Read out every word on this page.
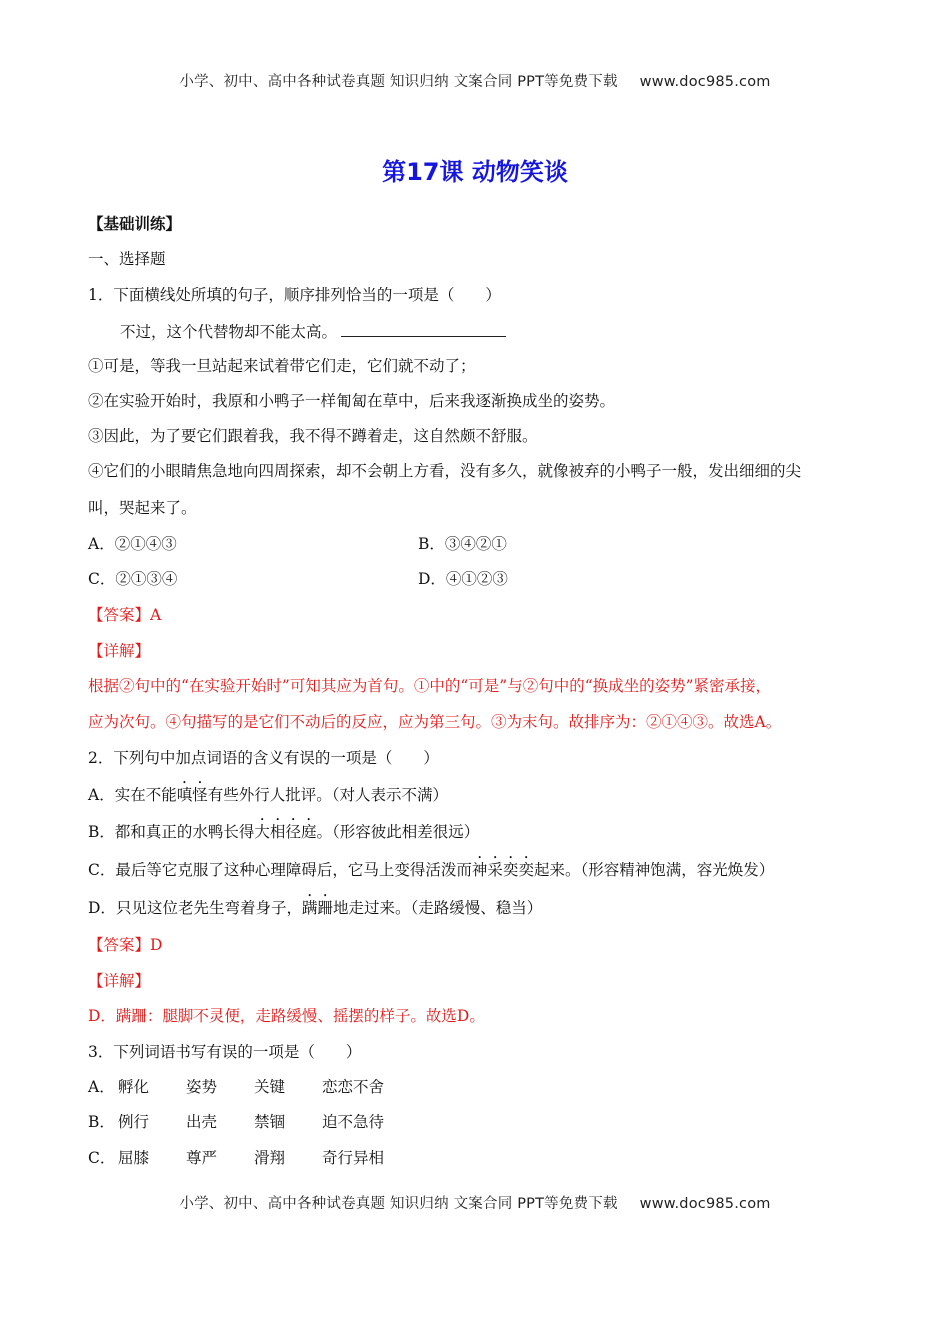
小学、初中、高中各种试卷真题 知识归纳 文案合同 PPT等免费下载 www.doc985.com
第17课 动物笑谈
【基础训练】
一、选择题
1．下面横线处所填的句子，顺序排列恰当的一项是（　　）
不过，这个代替物却不能太高。
①可是，等我一旦站起来试着带它们走，它们就不动了；
②在实验开始时，我原和小鸭子一样匍匐在草中，后来我逐渐换成坐的姿势。
③因此，为了要它们跟着我，我不得不蹲着走，这自然颇不舒服。
④它们的小眼睛焦急地向四周探索，却不会朝上方看，没有多久，就像被弃的小鸭子一般，发出细细的尖
叫，哭起来了。
A．②①④③	B．③④②①
C．②①③④	D．④①②③
【答案】A
【详解】
根据②句中的“在实验开始时”可知其应为首句。①中的“可是”与②句中的“换成坐的姿势”紧密承接，
应为次句。④句描写的是它们不动后的反应，应为第三句。③为末句。故排序为：②①④③。故选A。
2．下列句中加点词语的含义有误的一项是（　　）
A．实在不能嗔怪有些外行人批评。（对人表示不满）
B．都和真正的水鸭长得大相径庭。（形容彼此相差很远）
C．最后等它克服了这种心理障碍后，它马上变得活泼而神采奕奕起来。（形容精神饱满，容光焕发）
D．只见这位老先生弯着身子，蹒跚地走过来。（走路缓慢、稳当）
【答案】D
【详解】
D．蹒跚：腿脚不灵便，走路缓慢、摇摆的样子。故选D。
3．下列词语书写有误的一项是（　　）
A． 孵化 姿势 关键 恋恋不舍
B． 例行 出壳 禁锢 迫不急待
C． 屈膝 尊严 滑翔 奇行异相
小学、初中、高中各种试卷真题 知识归纳 文案合同 PPT等免费下载 www.doc985.com
